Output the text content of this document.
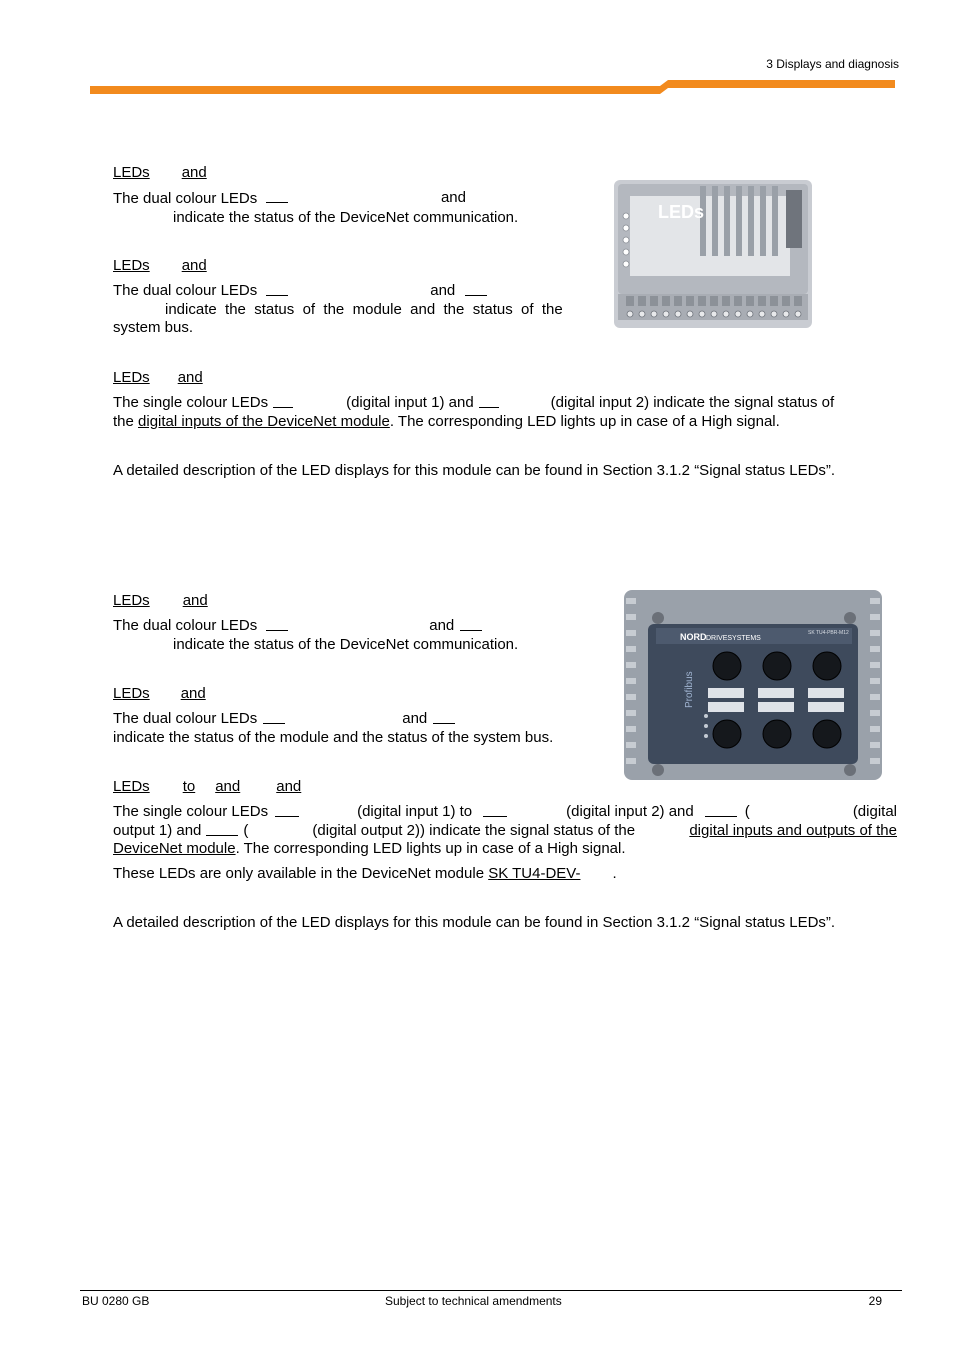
3 Displays and diagnosis
LEDs and
The dual colour LEDs	and
indicate the status of the DeviceNet communication.
LEDs and
The dual colour LEDs	and
indicate  the  status  of  the  module  and  the  status  of  the
system bus.
LEDs
LEDs and
The single colour LEDs	(digital input 1) and	(digital input 2) indicate the signal status of
the digital inputs of the DeviceNet module. The corresponding LED lights up in case of a High signal.
A detailed description of the LED displays for this module can be found in Section 3.1.2 “Signal status LEDs”.
LEDs and
The dual colour LEDs	and
indicate the status of the DeviceNet communication.
LEDs and
The dual colour LEDs	and
indicate the status of the module and the status of the system bus.
NORD DRIVESYSTEMS
SK TU4-PBR-M12
Profibus
LEDs to and and
The single colour LEDs	(digital input 1) to	(digital input 2) and	(	(digital
output 1) and	(	(digital output 2)) indicate the signal status of the	digital inputs and outputs of the
DeviceNet module. The corresponding LED lights up in case of a High signal.
These LEDs are only available in the DeviceNet module SK TU4-DEV- .
A detailed description of the LED displays for this module can be found in Section 3.1.2 “Signal status LEDs”.
BU 0280 GB	Subject to technical amendments	29
